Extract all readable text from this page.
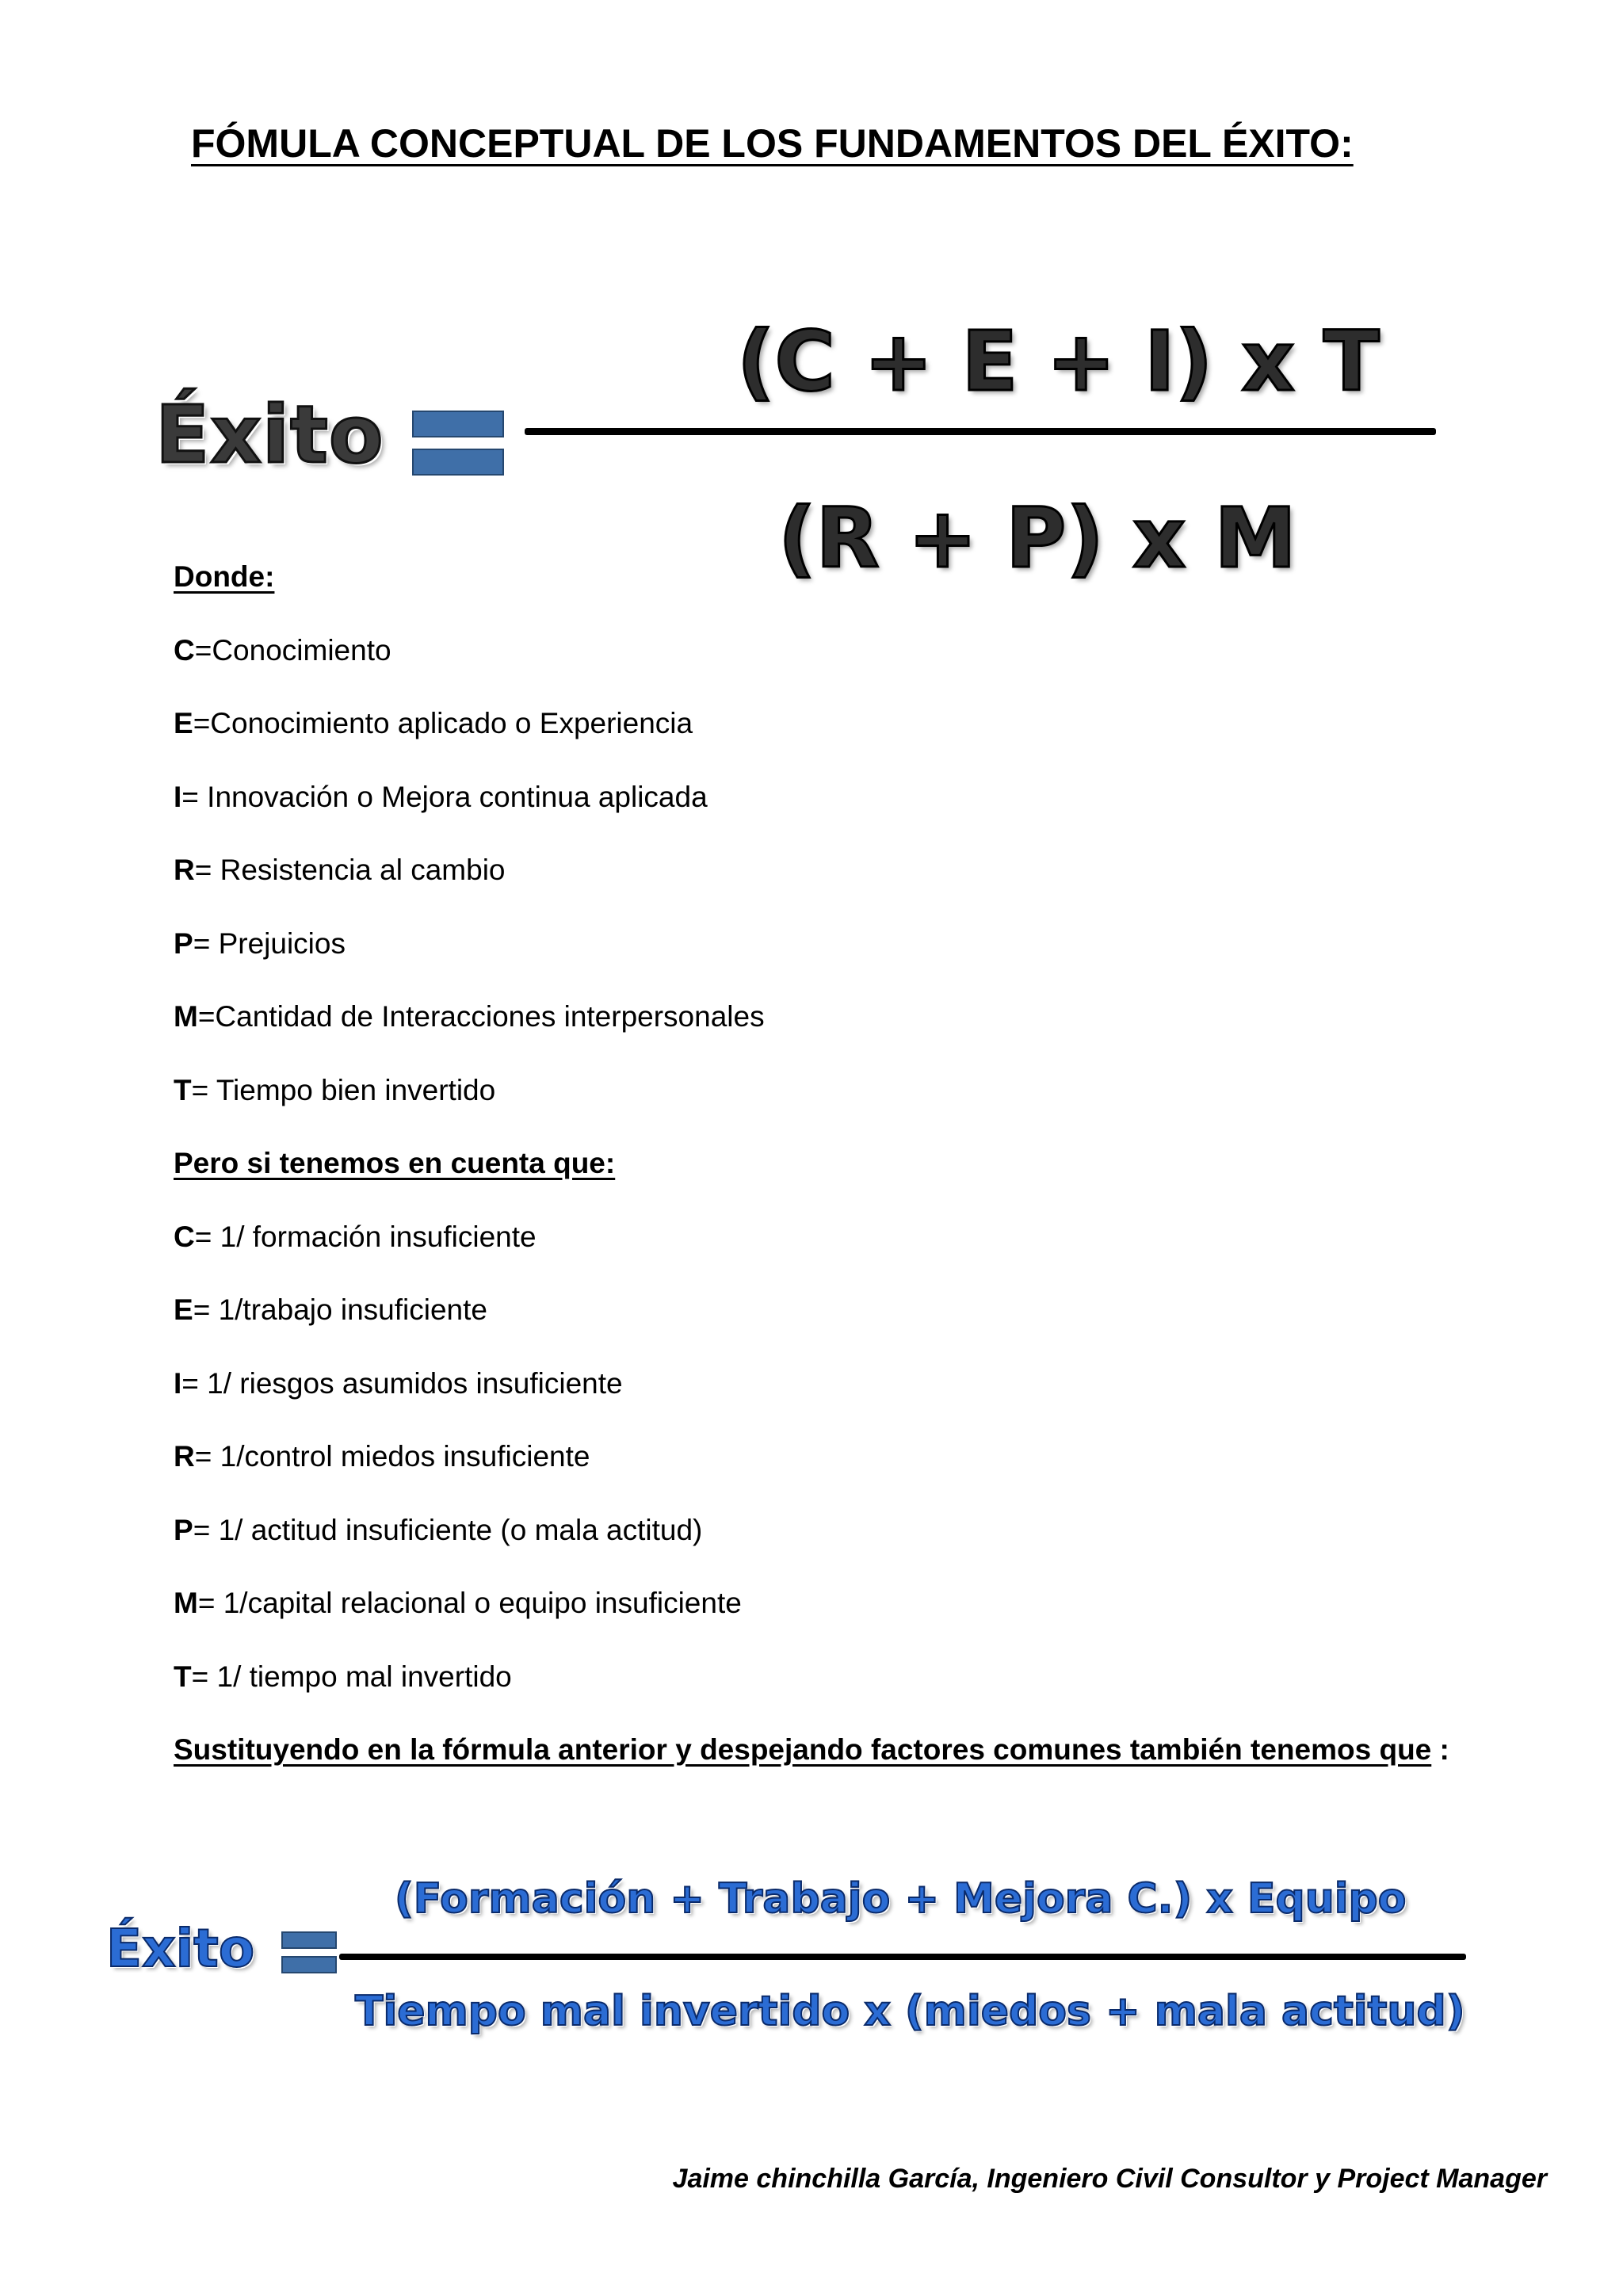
FÓMULA CONCEPTUAL DE LOS FUNDAMENTOS DEL ÉXITO:
Éxito
(C + E + I) x T
(R + P) x M
Donde:
C=Conocimiento
E=Conocimiento aplicado o Experiencia
I= Innovación o Mejora continua aplicada
R= Resistencia al cambio
P= Prejuicios
M=Cantidad de Interacciones interpersonales
T= Tiempo bien invertido
Pero si tenemos en cuenta que:
C= 1/ formación insuficiente
E= 1/trabajo insuficiente
I= 1/ riesgos asumidos insuficiente
R= 1/control miedos insuficiente
P= 1/ actitud insuficiente (o mala actitud)
M= 1/capital relacional o equipo insuficiente
T= 1/ tiempo mal invertido
Sustituyendo en la fórmula anterior y despejando factores comunes también tenemos que :
Éxito
(Formación + Trabajo + Mejora C.) x Equipo
Tiempo mal invertido x (miedos + mala actitud)
Jaime chinchilla García, Ingeniero Civil Consultor y Project Manager
